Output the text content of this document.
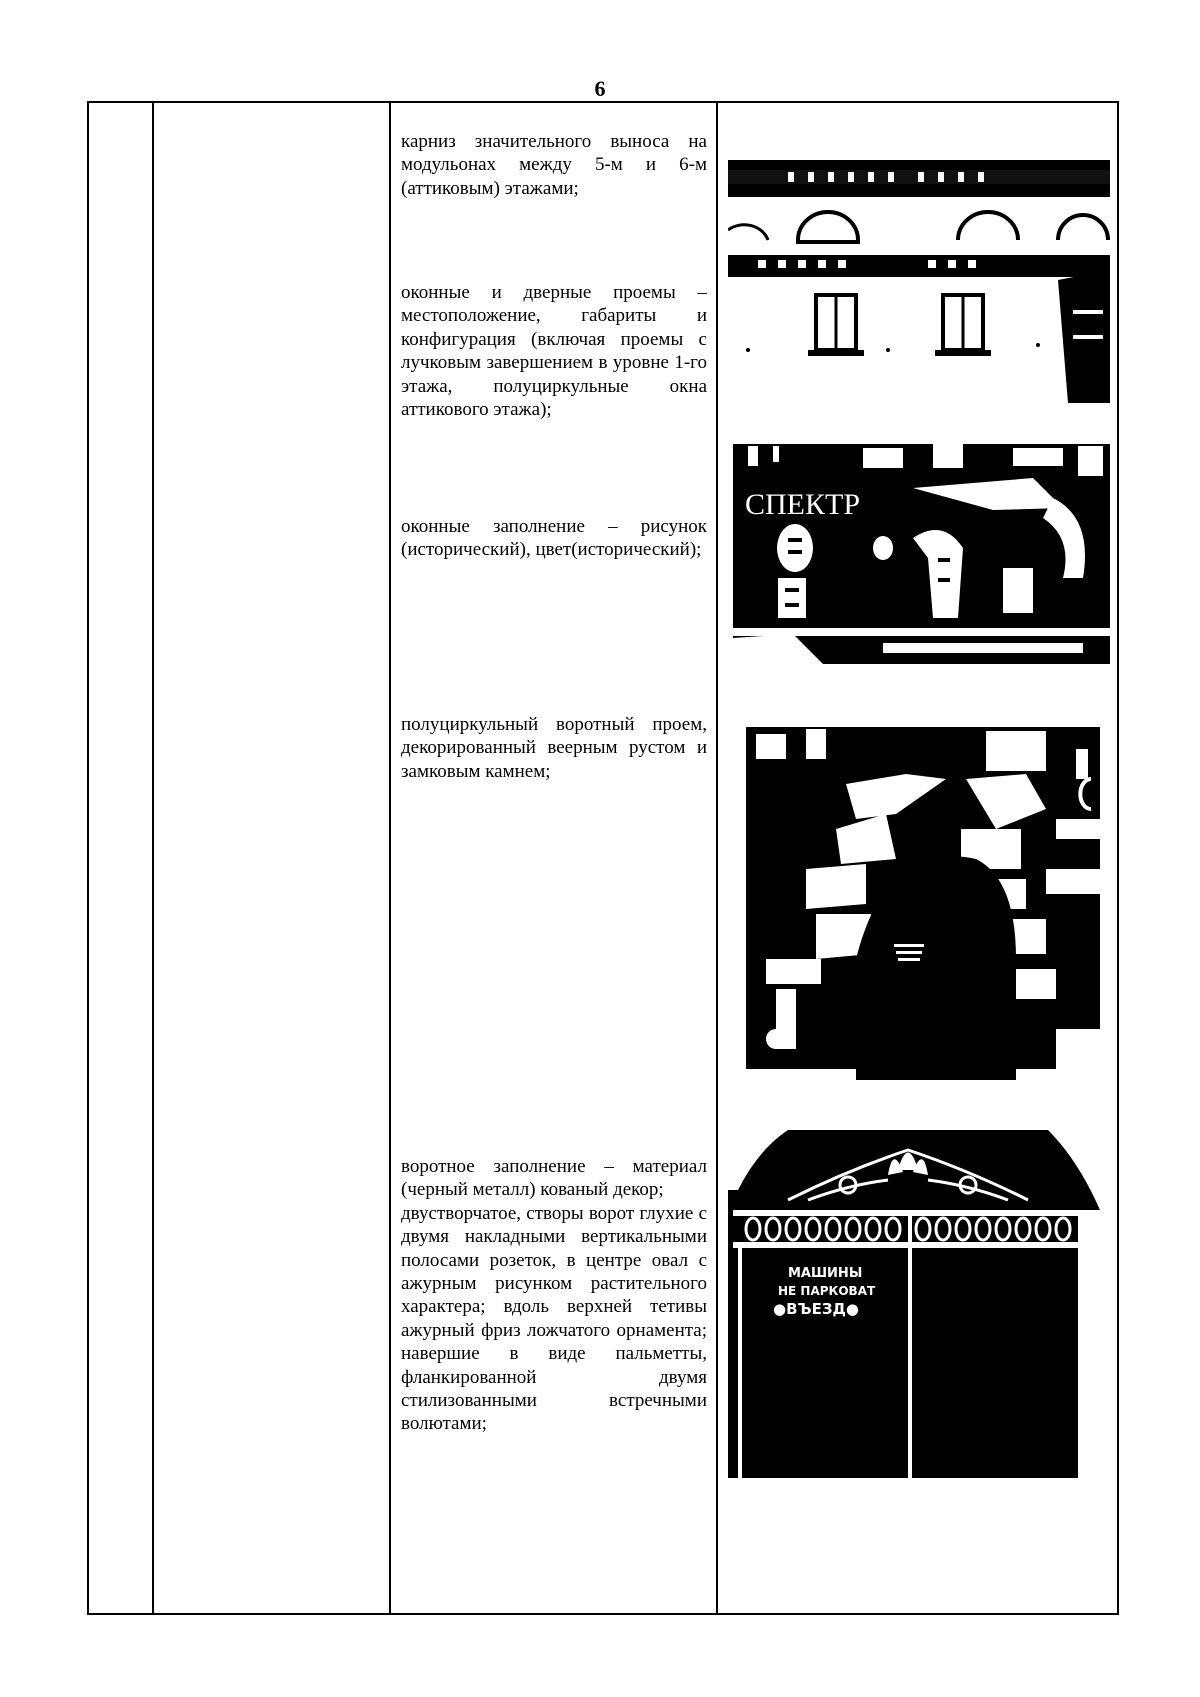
6

карниз значительного выноса на модульонах между 5-м и 6-м (аттиковым) этажами;

оконные и дверные проемы – местоположение, габариты и конфигурация (включая проемы с лучковым завершением в уровне 1-го этажа, полуциркульные окна аттикового этажа);

оконные заполнение – рисунок (исторический), цвет(исторический);

полуциркульный воротный проем, декорированный веерным рустом и замковым камнем;

воротное заполнение – материал (черный металл) кованый декор;

двустворчатое, створы ворот глухие с двумя накладными вертикальными полосами розеток, в центре овал с ажурным рисунком растительного характера; вдоль верхней тетивы ажурный фриз ложчатого орнамента; навершие в виде пальметты, фланкированной двумя стилизованными встречными волютами;

СПЕКТР
МАШИНЫ
НЕ ПАРКОВАТ
●ВЪЕЗД●
